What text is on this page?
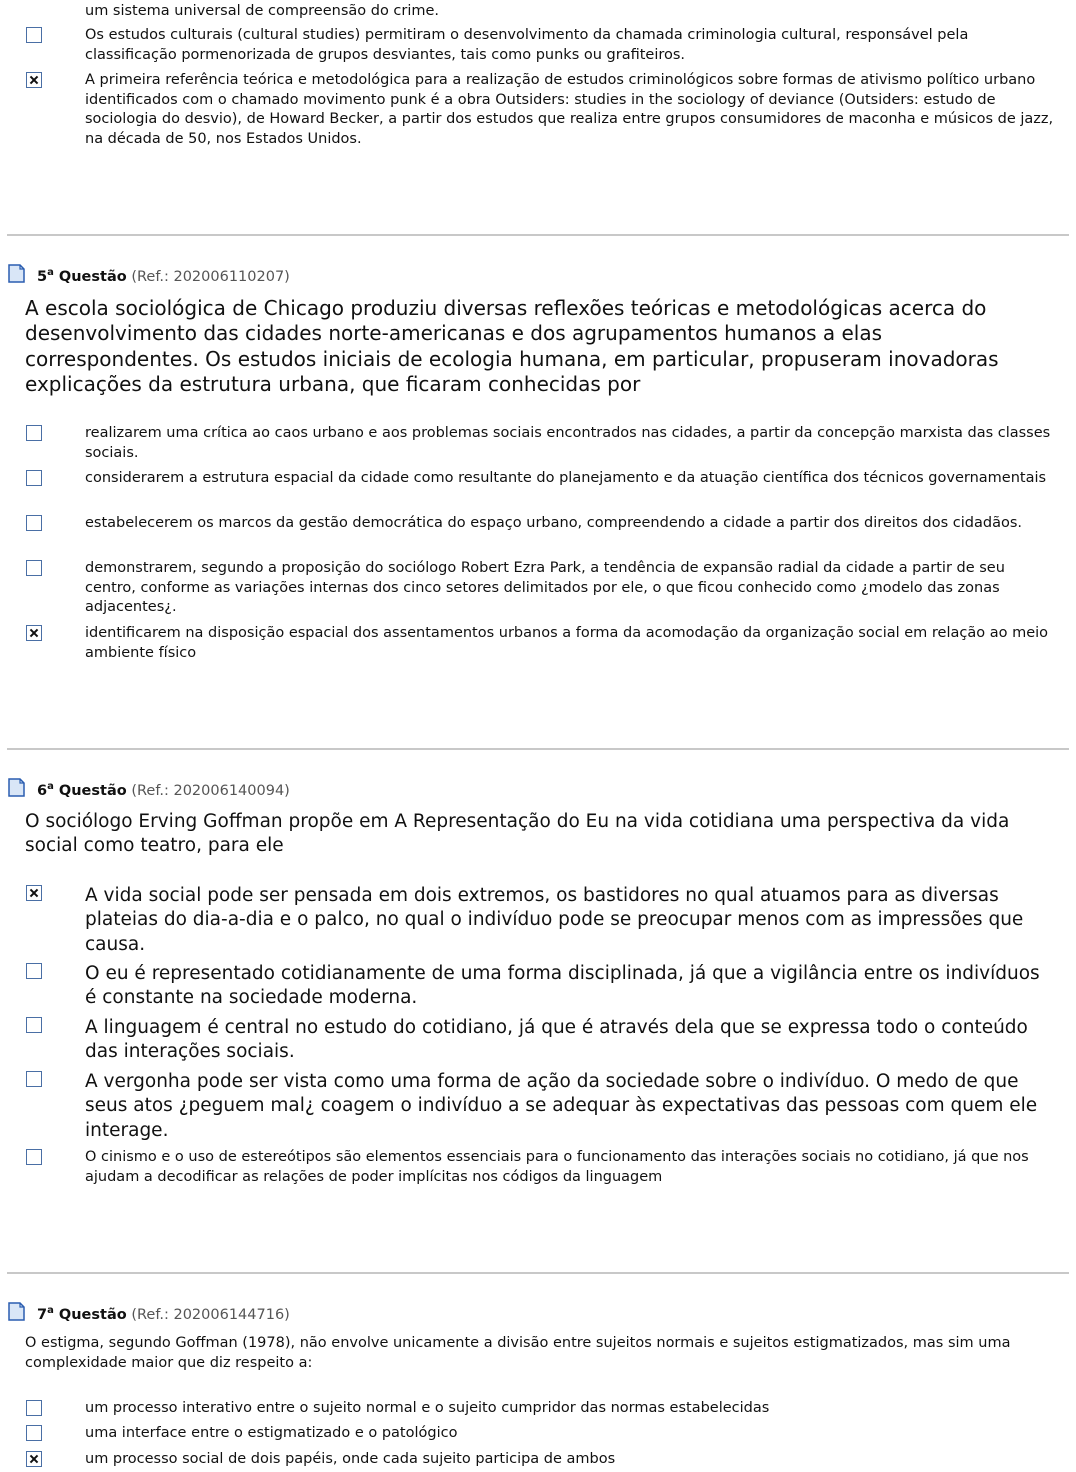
um sistema universal de compreensão do crime.
Os estudos culturais (cultural studies) permitiram o desenvolvimento da chamada criminologia cultural, responsável pela classificação pormenorizada de grupos desviantes, tais como punks ou grafiteiros.
A primeira referência teórica e metodológica para a realização de estudos criminológicos sobre formas de ativismo político urbano identificados com o chamado movimento punk é a obra Outsiders: studies in the sociology of deviance (Outsiders: estudo de sociologia do desvio), de Howard Becker, a partir dos estudos que realiza entre grupos consumidores de maconha e músicos de jazz, na década de 50, nos Estados Unidos.
5$^a$ Questão (Ref.: 202006110207)
A escola sociológica de Chicago produziu diversas reflexões teóricas e metodológicas acerca do desenvolvimento das cidades norte-americanas e dos agrupamentos humanos a elas correspondentes. Os estudos iniciais de ecologia humana, em particular, propuseram inovadoras explicações da estrutura urbana, que ficaram conhecidas por
realizarem uma crítica ao caos urbano e aos problemas sociais encontrados nas cidades, a partir da concepção marxista das classes sociais.
considerarem a estrutura espacial da cidade como resultante do planejamento e da atuação científica dos técnicos governamentais
estabelecerem os marcos da gestão democrática do espaço urbano, compreendendo a cidade a partir dos direitos dos cidadãos.
demonstrarem, segundo a proposição do sociólogo Robert Ezra Park, a tendência de expansão radial da cidade a partir de seu centro, conforme as variações internas dos cinco setores delimitados por ele, o que ficou conhecido como ¿modelo das zonas adjacentes¿.
identificarem na disposição espacial dos assentamentos urbanos a forma da acomodação da organização social em relação ao meio ambiente físico
6$^a$ Questão (Ref.: 202006140094)
O sociólogo Erving Goffman propõe em A Representação do Eu na vida cotidiana uma perspectiva da vida social como teatro, para ele
A vida social pode ser pensada em dois extremos, os bastidores no qual atuamos para as diversas plateias do dia-a-dia e o palco, no qual o indivíduo pode se preocupar menos com as impressões que causa.
O eu é representado cotidianamente de uma forma disciplinada, já que a vigilância entre os indivíduos é constante na sociedade moderna.
A linguagem é central no estudo do cotidiano, já que é através dela que se expressa todo o conteúdo das interações sociais.
A vergonha pode ser vista como uma forma de ação da sociedade sobre o indivíduo. O medo de que seus atos ¿peguem mal¿ coagem o indivíduo a se adequar às expectativas das pessoas com quem ele interage.
O cinismo e o uso de estereótipos são elementos essenciais para o funcionamento das interações sociais no cotidiano, já que nos ajudam a decodificar as relações de poder implícitas nos códigos da linguagem
7$^a$ Questão (Ref.: 202006144716)
O estigma, segundo Goffman (1978), não envolve unicamente a divisão entre sujeitos normais e sujeitos estigmatizados, mas sim uma complexidade maior que diz respeito a:
um processo interativo entre o sujeito normal e o sujeito cumpridor das normas estabelecidas
uma interface entre o estigmatizado e o patológico
um processo social de dois papéis, onde cada sujeito participa de ambos
